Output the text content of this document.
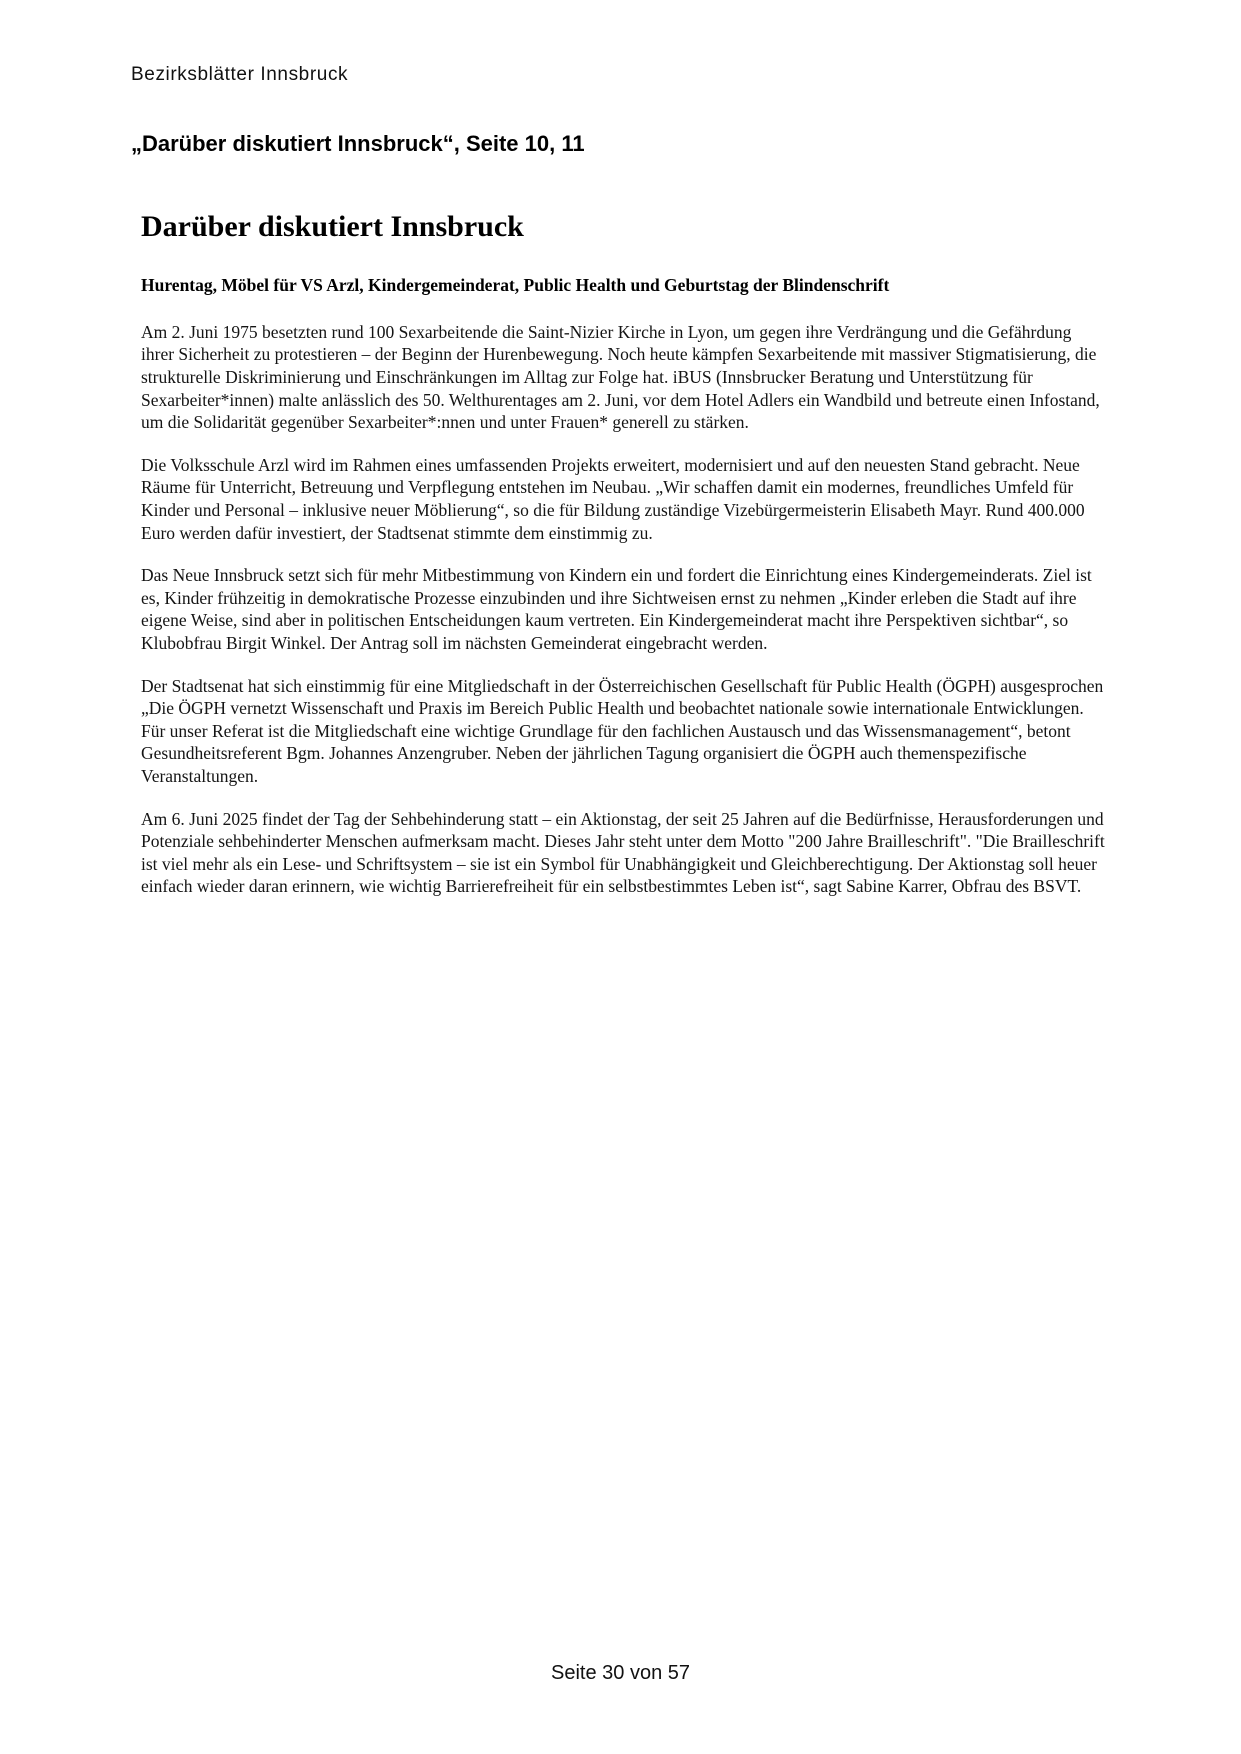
Bezirksblätter Innsbruck
„Darüber diskutiert Innsbruck“, Seite 10, 11
Darüber diskutiert Innsbruck
Hurentag, Möbel für VS Arzl, Kindergemeinderat, Public Health und Geburtstag der Blindenschrift

Am 2. Juni 1975 besetzten rund 100 Sexarbeitende die Saint-Nizier Kirche in Lyon, um gegen ihre Verdrängung und die Gefährdung ihrer Sicherheit zu protestieren – der Beginn der Hurenbewegung. Noch heute kämpfen Sexarbeitende mit massiver Stigmatisierung, die strukturelle Diskriminierung und Einschränkungen im Alltag zur Folge hat. iBUS (Innsbrucker Beratung und Unterstützung für Sexarbeiter*innen) malte anlässlich des 50. Welthurentages am 2. Juni, vor dem Hotel Adlers ein Wandbild und betreute einen Infostand, um die Solidarität gegenüber Sexarbeiter*:nnen und unter Frauen* generell zu stärken.

Die Volksschule Arzl wird im Rahmen eines umfassenden Projekts erweitert, modernisiert und auf den neuesten Stand gebracht. Neue Räume für Unterricht, Betreuung und Verpflegung entstehen im Neubau. „Wir schaffen damit ein modernes, freundliches Umfeld für Kinder und Personal – inklusive neuer Möblierung“, so die für Bildung zuständige Vizebürgermeisterin Elisabeth Mayr. Rund 400.000 Euro werden dafür investiert, der Stadtsenat stimmte dem einstimmig zu.

Das Neue Innsbruck setzt sich für mehr Mitbestimmung von Kindern ein und fordert die Einrichtung eines Kindergemeinderats. Ziel ist es, Kinder frühzeitig in demokratische Prozesse einzubinden und ihre Sichtweisen ernst zu nehmen „Kinder erleben die Stadt auf ihre eigene Weise, sind aber in politischen Entscheidungen kaum vertreten. Ein Kindergemeinderat macht ihre Perspektiven sichtbar“, so Klubobfrau Birgit Winkel. Der Antrag soll im nächsten Gemeinderat eingebracht werden.

Der Stadtsenat hat sich einstimmig für eine Mitgliedschaft in der Österreichischen Gesellschaft für Public Health (ÖGPH) ausgesprochen „Die ÖGPH vernetzt Wissenschaft und Praxis im Bereich Public Health und beobachtet nationale sowie internationale Entwicklungen. Für unser Referat ist die Mitgliedschaft eine wichtige Grundlage für den fachlichen Austausch und das Wissensmanagement“, betont Gesundheitsreferent Bgm. Johannes Anzengruber. Neben der jährlichen Tagung organisiert die ÖGPH auch themenspezifische Veranstaltungen.

Am 6. Juni 2025 findet der Tag der Sehbehinderung statt – ein Aktionstag, der seit 25 Jahren auf die Bedürfnisse, Herausforderungen und Potenziale sehbehinderter Menschen aufmerksam macht. Dieses Jahr steht unter dem Motto "200 Jahre Brailleschrift". "Die Brailleschrift ist viel mehr als ein Lese- und Schriftsystem – sie ist ein Symbol für Unabhängigkeit und Gleichberechtigung. Der Aktionstag soll heuer einfach wieder daran erinnern, wie wichtig Barrierefreiheit für ein selbstbestimmtes Leben ist“, sagt Sabine Karrer, Obfrau des BSVT.

Seite 30 von 57
